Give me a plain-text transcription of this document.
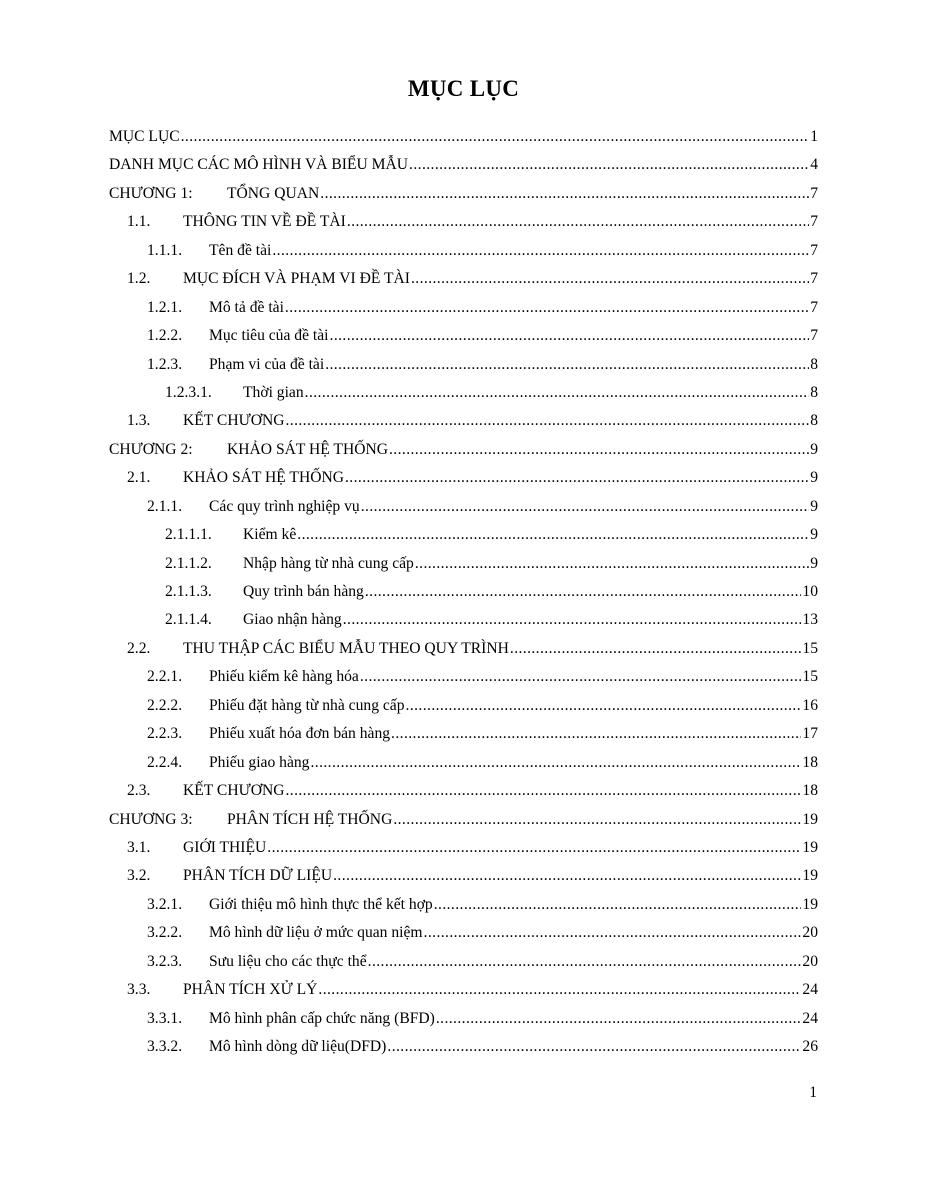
MỤC LỤC
MỤC LỤC .....	1
DANH MỤC CÁC MÔ HÌNH VÀ BIỂU MẪU .....	4
CHƯƠNG 1:	TỔNG QUAN .....	7
1.1.	THÔNG TIN VỀ ĐỀ TÀI .....	7
1.1.1.	Tên đề tài .....	7
1.2.	MỤC ĐÍCH VÀ PHẠM VI ĐỀ TÀI .....	7
1.2.1.	Mô tả đề tài .....	7
1.2.2.	Mục tiêu của đề tài .....	7
1.2.3.	Phạm vi của đề tài .....	8
1.2.3.1.	Thời gian .....	8
1.3.	KẾT CHƯƠNG .....	8
CHƯƠNG 2:	KHẢO SÁT HỆ THỐNG .....	9
2.1.	KHẢO SÁT HỆ THỐNG .....	9
2.1.1.	Các quy trình nghiệp vụ .....	9
2.1.1.1.	Kiểm kê .....	9
2.1.1.2.	Nhập hàng từ nhà cung cấp .....	9
2.1.1.3.	Quy trình bán hàng .....	10
2.1.1.4.	Giao nhận hàng .....	13
2.2.	THU THẬP CÁC BIỂU MẪU THEO QUY TRÌNH .....	15
2.2.1.	Phiếu kiểm kê hàng hóa .....	15
2.2.2.	Phiếu đặt hàng từ nhà cung cấp .....	16
2.2.3.	Phiếu xuất hóa đơn bán hàng .....	17
2.2.4.	Phiếu giao hàng .....	18
2.3.	KẾT CHƯƠNG .....	18
CHƯƠNG 3:	PHÂN TÍCH HỆ THỐNG .....	19
3.1.	GIỚI THIỆU .....	19
3.2.	PHÂN TÍCH DỮ LIỆU .....	19
3.2.1.	Giới thiệu mô hình thực thể kết hợp .....	19
3.2.2.	Mô hình dữ liệu ở mức quan niệm .....	20
3.2.3.	Sưu liệu cho các thực thể .....	20
3.3.	PHÂN TÍCH XỬ LÝ .....	24
3.3.1.	Mô hình phân cấp chức năng (BFD) .....	24
3.3.2.	Mô hình dòng dữ liệu(DFD) .....	26
1
